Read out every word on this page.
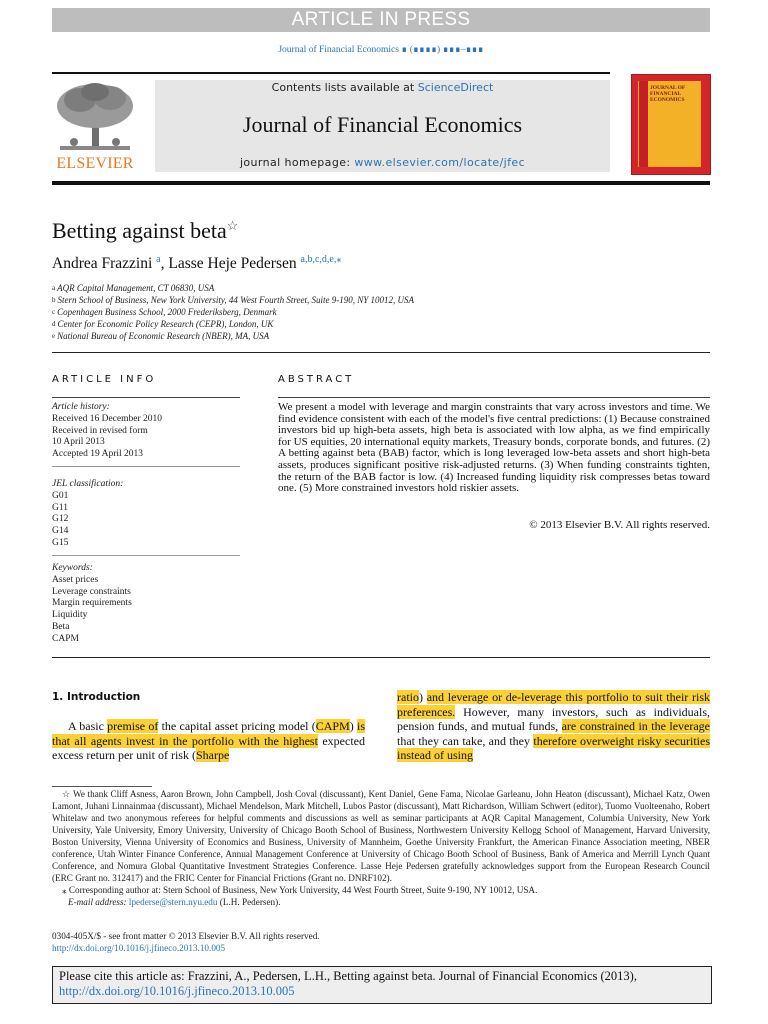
ARTICLE IN PRESS
Journal of Financial Economics ∎ (∎∎∎∎) ∎∎∎–∎∎∎
ELSEVIER
Contents lists available at ScienceDirect
Journal of Financial Economics
journal homepage: www.elsevier.com/locate/jfec
JOURNAL OF FINANCIAL ECONOMICS
Betting against beta☆
Andrea Frazzini $^a$, Lasse Heje Pedersen $^{a,b,c,d,e,⁎}$
$^a$ AQR Capital Management, CT 06830, USA
$^b$ Stern School of Business, New York University, 44 West Fourth Street, Suite 9-190, NY 10012, USA
$^c$ Copenhagen Business School, 2000 Frederiksberg, Denmark
$^d$ Center for Economic Policy Research (CEPR), London, UK
$^e$ National Bureau of Economic Research (NBER), MA, USA
ARTICLE INFO
Article history:
Received 16 December 2010
Received in revised form
10 April 2013
Accepted 19 April 2013
JEL classification:
G01
G11
G12
G14
G15
Keywords:
Asset prices
Leverage constraints
Margin requirements
Liquidity
Beta
CAPM
ABSTRACT
We present a model with leverage and margin constraints that vary across investors and time. We find evidence consistent with each of the model's five central predictions: (1) Because constrained investors bid up high-beta assets, high beta is associated with low alpha, as we find empirically for US equities, 20 international equity markets, Treasury bonds, corporate bonds, and futures. (2) A betting against beta (BAB) factor, which is long leveraged low-beta assets and short high-beta assets, produces significant positive risk-adjusted returns. (3) When funding constraints tighten, the return of the BAB factor is low. (4) Increased funding liquidity risk compresses betas toward one. (5) More constrained investors hold riskier assets.
© 2013 Elsevier B.V. All rights reserved.
1. Introduction
A basic premise of the capital asset pricing model (CAPM) is that all agents invest in the portfolio with the highest expected excess return per unit of risk (Sharpe
ratio) and leverage or de-leverage this portfolio to suit their risk preferences. However, many investors, such as individuals, pension funds, and mutual funds, are constrained in the leverage that they can take, and they therefore overweight risky securities instead of using
☆ We thank Cliff Asness, Aaron Brown, John Campbell, Josh Coval (discussant), Kent Daniel, Gene Fama, Nicolae Garleanu, John Heaton (discussant), Michael Katz, Owen Lamont, Juhani Linnainmaa (discussant), Michael Mendelson, Mark Mitchell, Lubos Pastor (discussant), Matt Richardson, William Schwert (editor), Tuomo Vuolteenaho, Robert Whitelaw and two anonymous referees for helpful comments and discussions as well as seminar participants at AQR Capital Management, Columbia University, New York University, Yale University, Emory University, University of Chicago Booth School of Business, Northwestern University Kellogg School of Management, Harvard University, Boston University, Vienna University of Economics and Business, University of Mannheim, Goethe University Frankfurt, the American Finance Association meeting, NBER conference, Utah Winter Finance Conference, Annual Management Conference at University of Chicago Booth School of Business, Bank of America and Merrill Lynch Quant Conference, and Nomura Global Quantitative Investment Strategies Conference. Lasse Heje Pedersen gratefully acknowledges support from the European Research Council (ERC Grant no. 312417) and the FRIC Center for Financial Frictions (Grant no. DNRF102).
⁎ Corresponding author at: Stern School of Business, New York University, 44 West Fourth Street, Suite 9-190, NY 10012, USA.
E-mail address: lpederse@stern.nyu.edu (L.H. Pedersen).
0304-405X/$ - see front matter © 2013 Elsevier B.V. All rights reserved.
http://dx.doi.org/10.1016/j.jfineco.2013.10.005
Please cite this article as: Frazzini, A., Pedersen, L.H., Betting against beta. Journal of Financial Economics (2013), http://dx.doi.org/10.1016/j.jfineco.2013.10.005
